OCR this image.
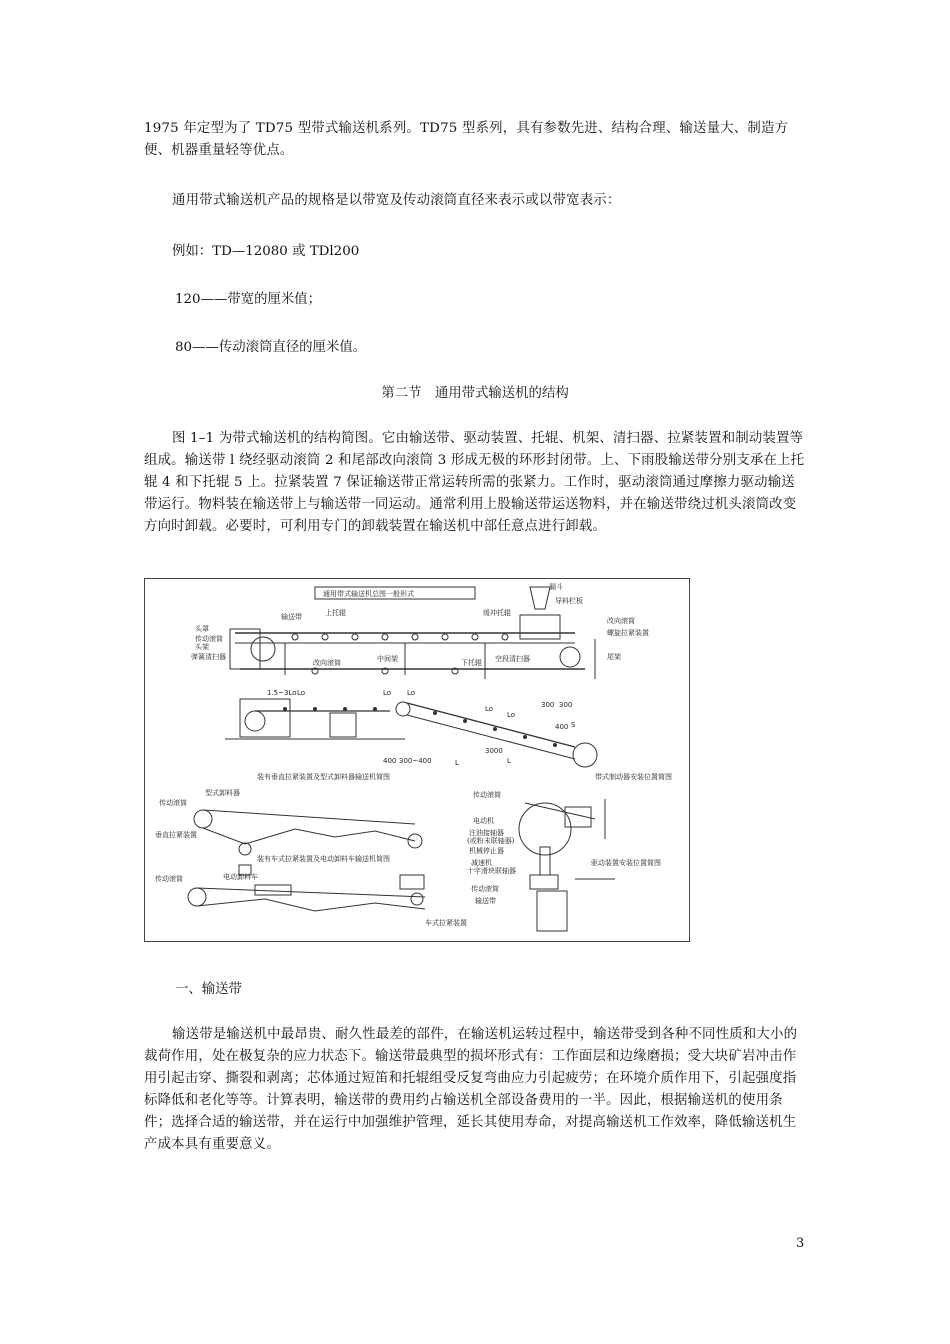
1975 年定型为了 TD75 型带式输送机系列。TD75 型系列，具有参数先进、结构合理、输送量大、制造方便、机器重量轻等优点。

通用带式输送机产品的规格是以带宽及传动滚筒直径来表示或以带宽表示：

例如：TD—12080 或 TDl200

120——带宽的厘米值；

80——传动滚筒直径的厘米值。

第二节　通用带式输送机的结构

图 1–1 为带式输送机的结构简图。它由输送带、驱动装置、托辊、机架、清扫器、拉紧装置和制动装置等组成。输送带 l 绕经驱动滚筒 2 和尾部改向滚筒 3 形成无极的环形封闭带。上、下雨股输送带分别支承在上托辊 4 和下托辊 5 上。拉紧装置 7 保证输送带正常运转所需的张紧力。工作时，驱动滚筒通过摩擦力驱动输送带运行。物料装在输送带上与输送带一同运动。通常利用上股输送带运送物料，并在输送带绕过机头滚筒改变方向时卸载。必要时，可利用专门的卸载装置在输送机中部任意点进行卸载。

通用带式输送机总图一般形式
头罩
传动滚筒
头架
弹簧清扫器
输送带	上托辊
改向滚筒	中间架
缓冲托辊
下托辊
漏斗
导料栏板
空段清扫器
改向滚筒
螺旋拉紧装置
尾架
1.5~3Lo Lo	Lo Lo
Lo
Lo
300 300
400
3000
400 300~400	L	L
S
装有垂直拉紧装置及型式卸料器输送机简图	带式制动器安装位置简图
传动滚筒
型式卸料器
垂直拉紧装置
装有车式拉紧装置及电动卸料车输送机简图
传动滚筒	电动卸料车
车式拉紧装置
传动滚筒
电动机
注油接轴器
(或粉末联轴器)
机械停止器
减速机
十字滑块联轴器
传动滚筒
输送带
驱动装置安装位置简图

一、输送带

输送带是输送机中最昂贵、耐久性最差的部件，在输送机运转过程中，输送带受到各种不同性质和大小的裁荷作用，处在极复杂的应力状态下。输送带最典型的损坏形式有：工作面层和边缘磨损；受大块矿岩冲击作用引起击穿、撕裂和剥离；芯体通过短笛和托辊组受反复弯曲应力引起疲劳；在环境介质作用下，引起强度指标降低和老化等等。计算表明，输送带的费用约占输送机全部设备费用的一半。因此，根据输送机的使用条件；选择合适的输送带，并在运行中加强维护管理，延长其使用寿命，对提高输送机工作效率，降低输送机生产成本具有重要意义。

3
